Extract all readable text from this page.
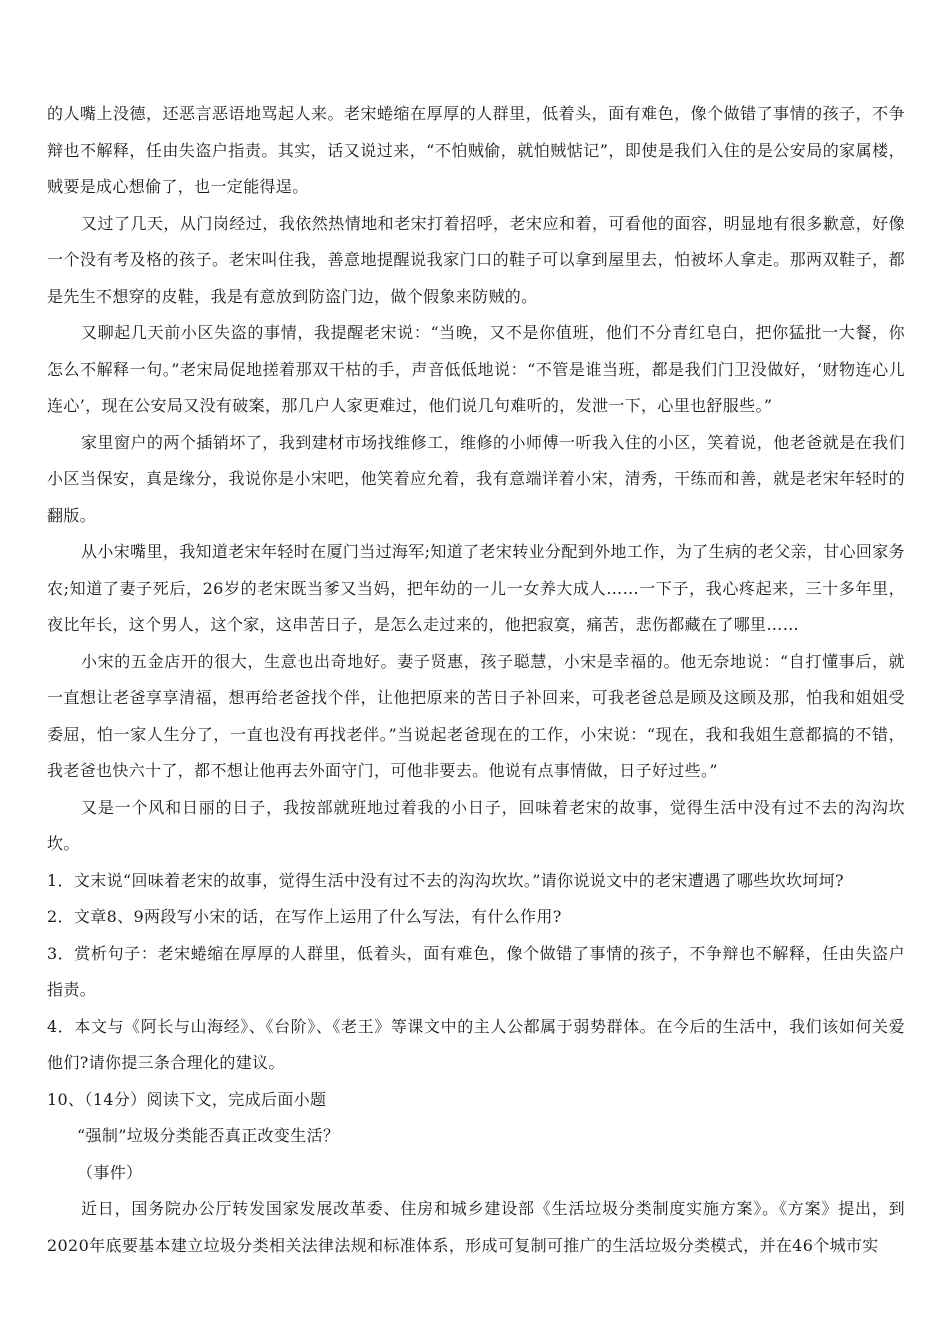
的人嘴上没德，还恶言恶语地骂起人来。老宋蜷缩在厚厚的人群里，低着头，面有难色，像个做错了事情的孩子，不争辩也不解释，任由失盗户指责。其实，话又说过来，“不怕贼偷，就怕贼惦记”，即使是我们入住的是公安局的家属楼，贼要是成心想偷了，也一定能得逞。

又过了几天，从门岗经过，我依然热情地和老宋打着招呼，老宋应和着，可看他的面容，明显地有很多歉意，好像一个没有考及格的孩子。老宋叫住我，善意地提醒说我家门口的鞋子可以拿到屋里去，怕被坏人拿走。那两双鞋子，都是先生不想穿的皮鞋，我是有意放到防盗门边，做个假象来防贼的。

又聊起几天前小区失盗的事情，我提醒老宋说：“当晚，又不是你值班，他们不分青红皂白，把你猛批一大餐，你怎么不解释一句。”老宋局促地搓着那双干枯的手，声音低低地说：“不管是谁当班，都是我们门卫没做好，‘财物连心儿连心’，现在公安局又没有破案，那几户人家更难过，他们说几句难听的，发泄一下，心里也舒服些。”

家里窗户的两个插销坏了，我到建材市场找维修工，维修的小师傅一听我入住的小区，笑着说，他老爸就是在我们小区当保安，真是缘分，我说你是小宋吧，他笑着应允着，我有意端详着小宋，清秀，干练而和善，就是老宋年轻时的翻版。

从小宋嘴里，我知道老宋年轻时在厦门当过海军;知道了老宋转业分配到外地工作，为了生病的老父亲，甘心回家务农;知道了妻子死后，26岁的老宋既当爹又当妈，把年幼的一儿一女养大成人……一下子，我心疼起来，三十多年里，夜比年长，这个男人，这个家，这串苦日子，是怎么走过来的，他把寂寞，痛苦，悲伤都藏在了哪里……

小宋的五金店开的很大，生意也出奇地好。妻子贤惠，孩子聪慧，小宋是幸福的。他无奈地说：“自打懂事后，就一直想让老爸享享清福，想再给老爸找个伴，让他把原来的苦日子补回来，可我老爸总是顾及这顾及那，怕我和姐姐受委屈，怕一家人生分了，一直也没有再找老伴。”当说起老爸现在的工作，小宋说：“现在，我和我姐生意都搞的不错，我老爸也快六十了，都不想让他再去外面守门，可他非要去。他说有点事情做，日子好过些。”

又是一个风和日丽的日子，我按部就班地过着我的小日子，回味着老宋的故事，觉得生活中没有过不去的沟沟坎坎。

1．文末说“回味着老宋的故事，觉得生活中没有过不去的沟沟坎坎。”请你说说文中的老宋遭遇了哪些坎坎坷坷?

2．文章8、9两段写小宋的话，在写作上运用了什么写法，有什么作用?

3．赏析句子：老宋蜷缩在厚厚的人群里，低着头，面有难色，像个做错了事情的孩子，不争辩也不解释，任由失盗户指责。

4．本文与《阿长与山海经》、《台阶》、《老王》等课文中的主人公都属于弱势群体。在今后的生活中，我们该如何关爱他们?请你提三条合理化的建议。

10、（14分）阅读下文，完成后面小题

“强制”垃圾分类能否真正改变生活？

（事件）

近日，国务院办公厅转发国家发展改革委、住房和城乡建设部《生活垃圾分类制度实施方案》。《方案》提出，到2020年底要基本建立垃圾分类相关法律法规和标准体系，形成可复制可推广的生活垃圾分类模式，并在46个城市实
